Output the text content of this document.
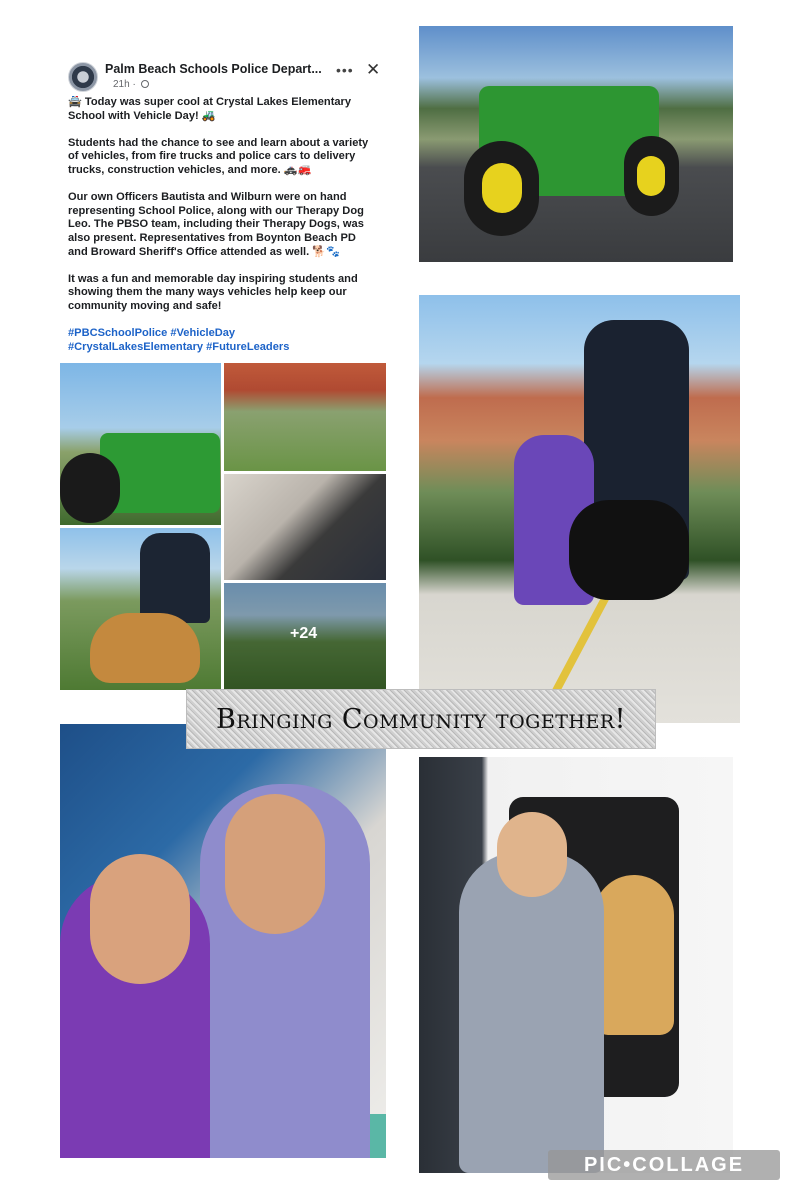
Palm Beach Schools Police Depart...
21h ·
••• ✕

🚔 Today was super cool at Crystal Lakes Elementary School with Vehicle Day! 🚜

Students had the chance to see and learn about a variety of vehicles, from fire trucks and police cars to delivery trucks, construction vehicles, and more. 🚓🚒

Our own Officers Bautista and Wilburn were on hand representing School Police, along with our Therapy Dog Leo. The PBSO team, including their Therapy Dogs, was also present. Representatives from Boynton Beach PD and Broward Sheriff's Office attended as well. 🐕🐾

It was a fun and memorable day inspiring students and showing them the many ways vehicles help keep our community moving and safe!

#PBCSchoolPolice #VehicleDay
#CrystalLakesElementary #FutureLeaders
+24
Bringing Community together!
PIC•COLLAGE
